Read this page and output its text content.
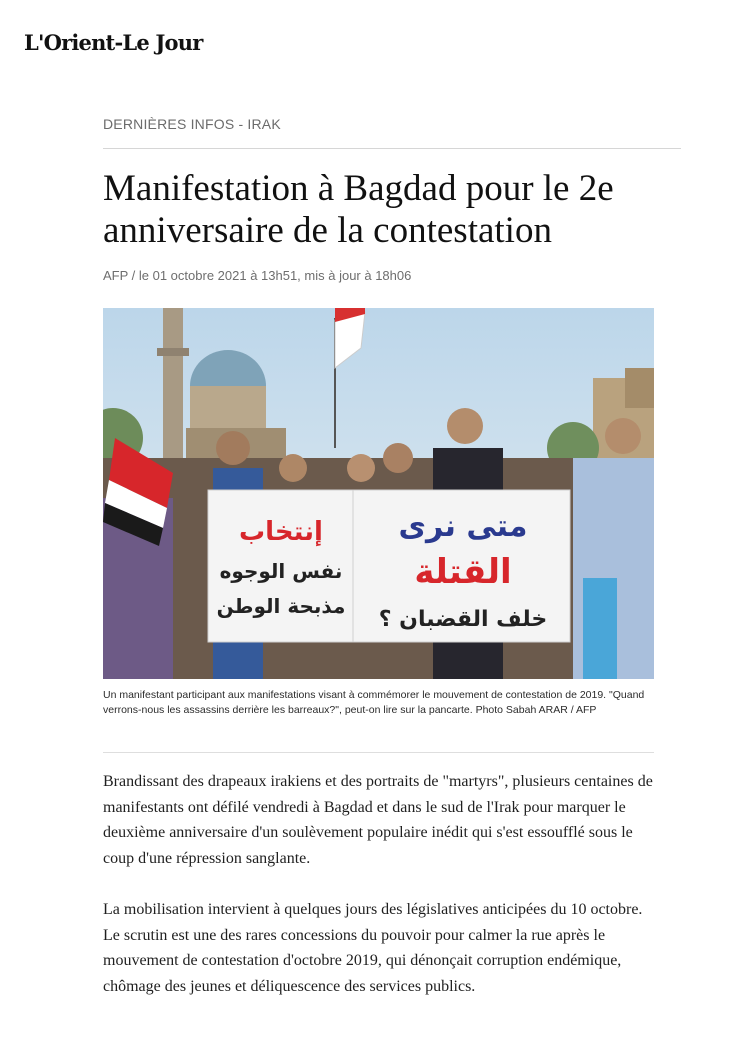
L'Orient-Le Jour
DERNIÈRES INFOS - IRAK
Manifestation à Bagdad pour le 2e anniversaire de la contestation
AFP / le 01 octobre 2021 à 13h51, mis à jour à 18h06
إنتخاب
نفس الوجوه
مذبحة الوطن
متى نرى
القتلة
خلف القضبان ؟

Un manifestant participant aux manifestations visant à commémorer le mouvement de contestation de 2019. "Quand verrons-nous les assassins derrière les barreaux?", peut-on lire sur la pancarte. Photo Sabah ARAR / AFP

Brandissant des drapeaux irakiens et des portraits de "martyrs", plusieurs centaines de manifestants ont défilé vendredi à Bagdad et dans le sud de l'Irak pour marquer le deuxième anniversaire d'un soulèvement populaire inédit qui s'est essoufflé sous le coup d'une répression sanglante.

La mobilisation intervient à quelques jours des législatives anticipées du 10 octobre. Le scrutin est une des rares concessions du pouvoir pour calmer la rue après le mouvement de contestation d'octobre 2019, qui dénonçait corruption endémique, chômage des jeunes et déliquescence des services publics.
